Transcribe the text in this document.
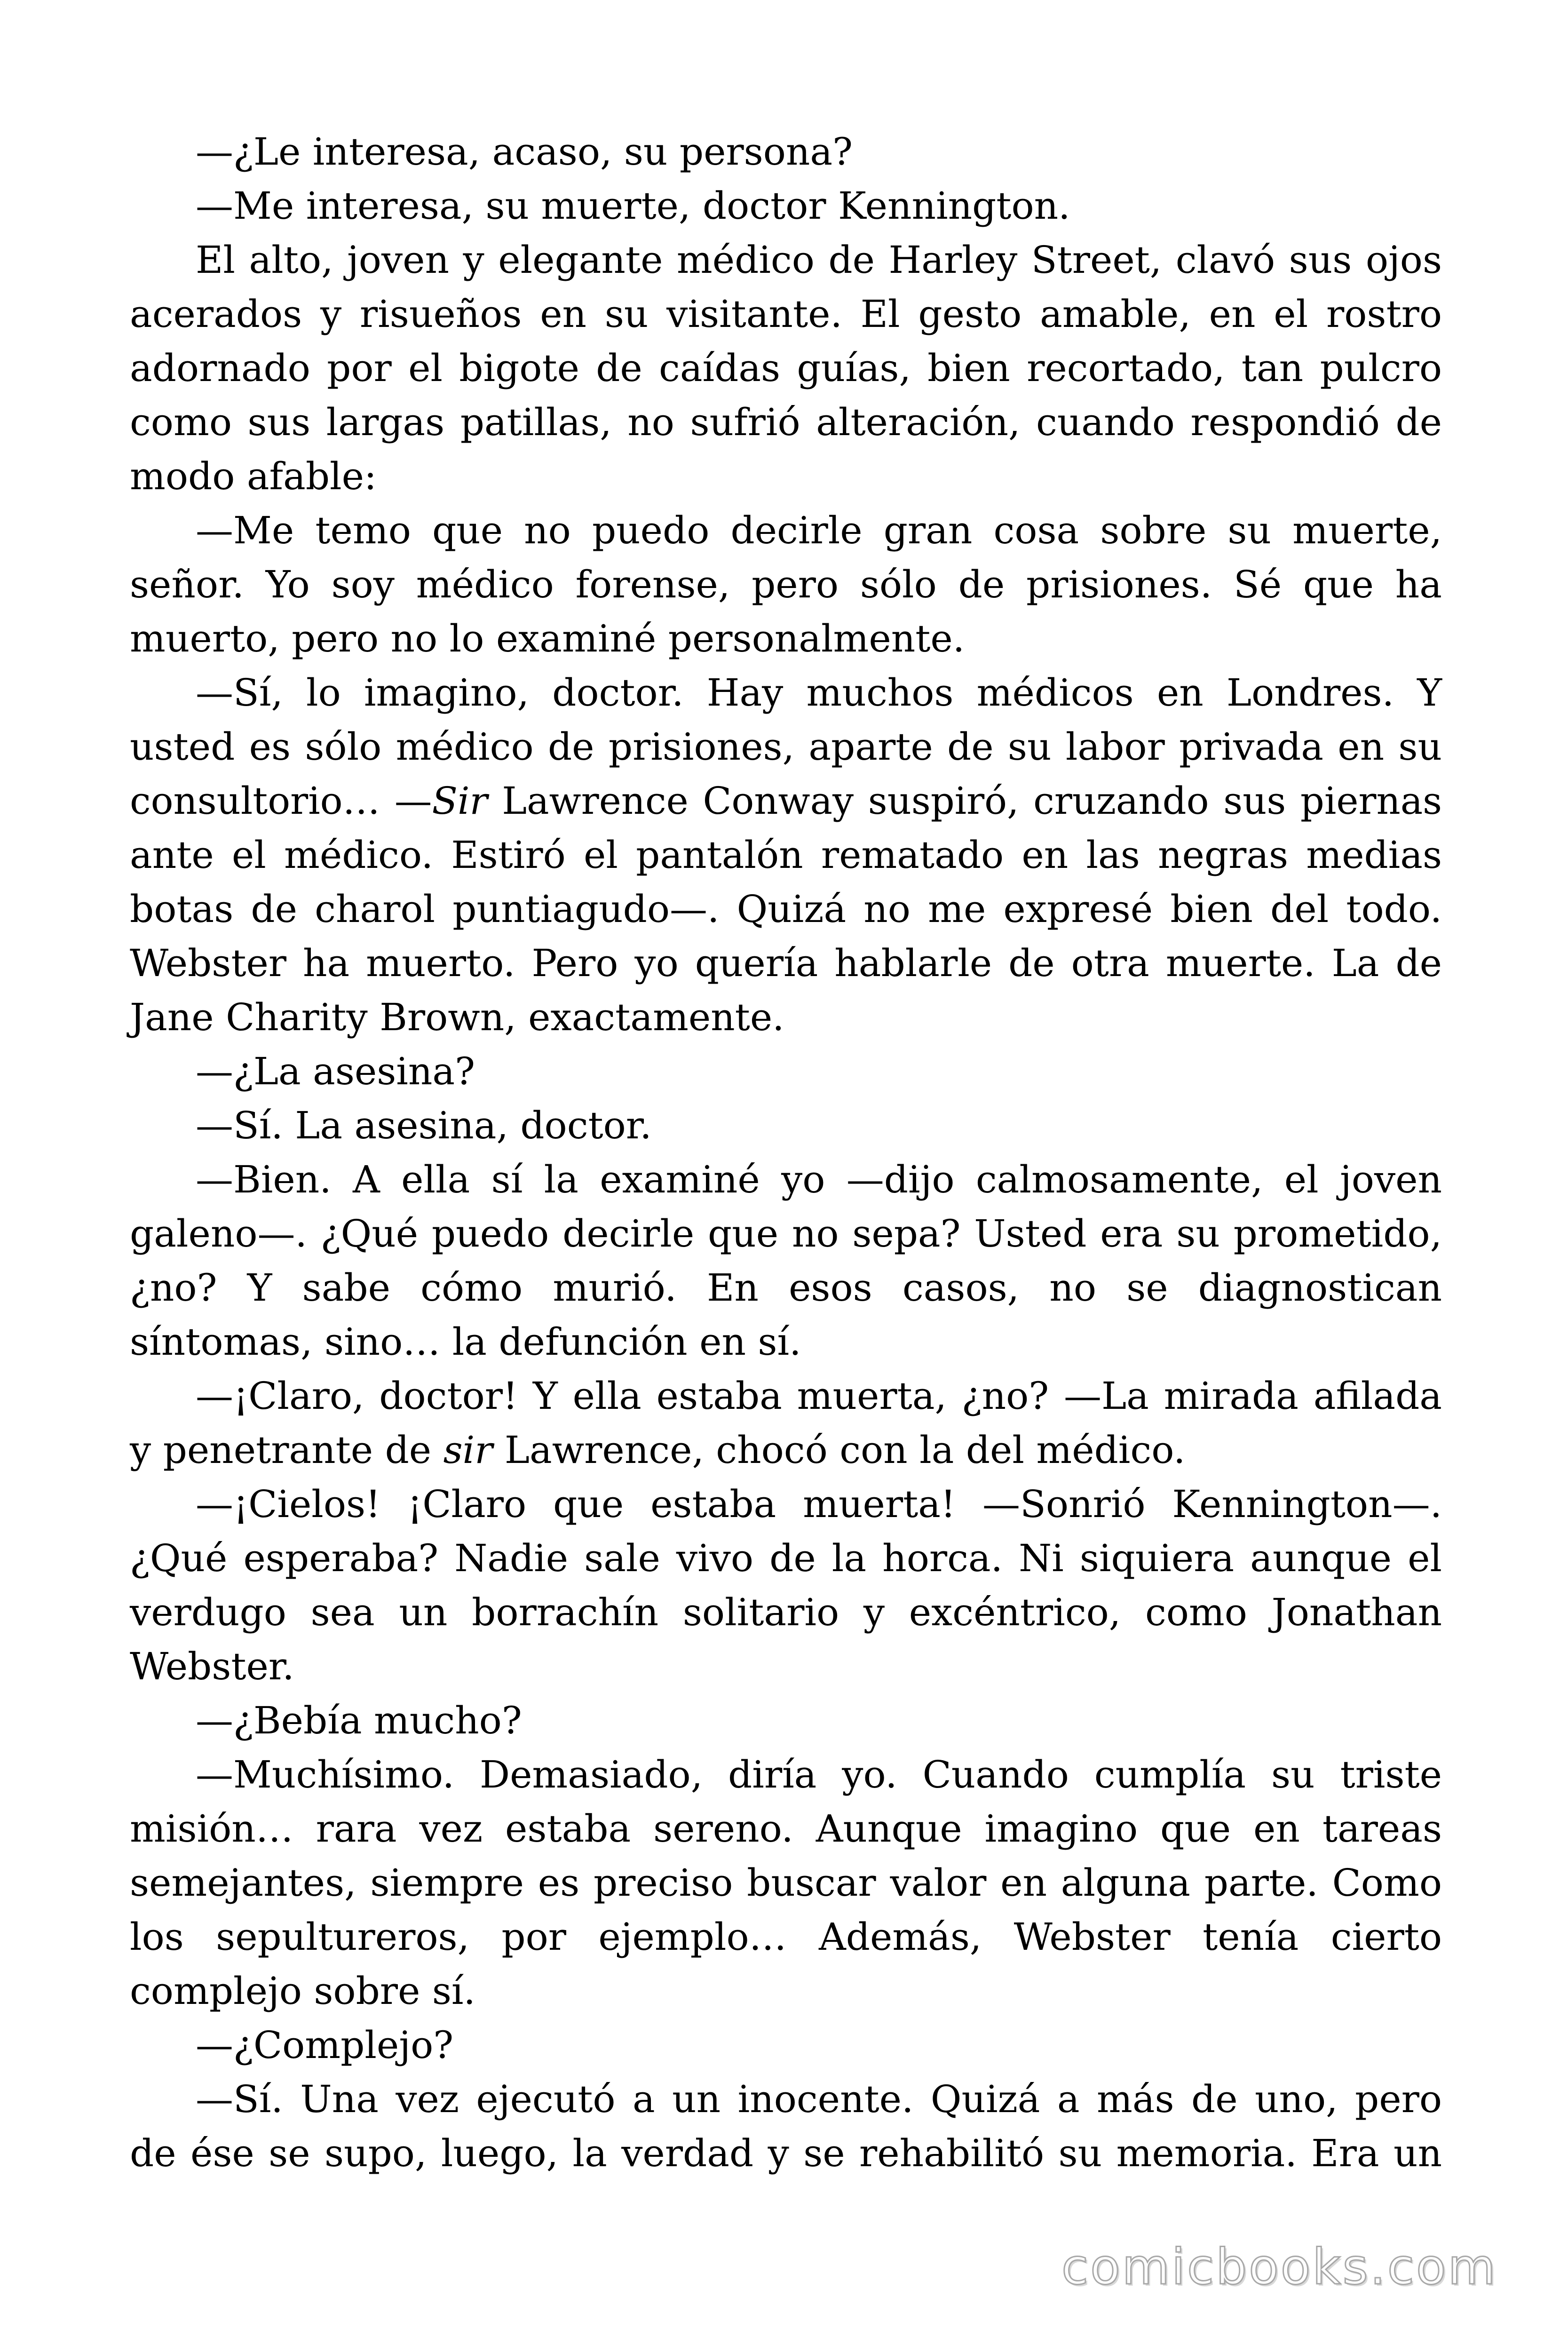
—¿Le interesa, acaso, su persona?
—Me interesa, su muerte, doctor Kennington.
El alto, joven y elegante médico de Harley Street, clavó sus ojos
acerados y risueños en su visitante. El gesto amable, en el rostro
adornado por el bigote de caídas guías, bien recortado, tan pulcro
como sus largas patillas, no sufrió alteración, cuando respondió de
modo afable:
—Me temo que no puedo decirle gran cosa sobre su muerte,
señor. Yo soy médico forense, pero sólo de prisiones. Sé que ha
muerto, pero no lo examiné personalmente.
—Sí, lo imagino, doctor. Hay muchos médicos en Londres. Y
usted es sólo médico de prisiones, aparte de su labor privada en su
consultorio… —Sir Lawrence Conway suspiró, cruzando sus piernas
ante el médico. Estiró el pantalón rematado en las negras medias
botas de charol puntiagudo—. Quizá no me expresé bien del todo.
Webster ha muerto. Pero yo quería hablarle de otra muerte. La de
Jane Charity Brown, exactamente.
—¿La asesina?
—Sí. La asesina, doctor.
—Bien. A ella sí la examiné yo —dijo calmosamente, el joven
galeno—. ¿Qué puedo decirle que no sepa? Usted era su prometido,
¿no? Y sabe cómo murió. En esos casos, no se diagnostican
síntomas, sino… la defunción en sí.
—¡Claro, doctor! Y ella estaba muerta, ¿no? —La mirada afilada
y penetrante de sir Lawrence, chocó con la del médico.
—¡Cielos! ¡Claro que estaba muerta! —Sonrió Kennington—.
¿Qué esperaba? Nadie sale vivo de la horca. Ni siquiera aunque el
verdugo sea un borrachín solitario y excéntrico, como Jonathan
Webster.
—¿Bebía mucho?
—Muchísimo. Demasiado, diría yo. Cuando cumplía su triste
misión… rara vez estaba sereno. Aunque imagino que en tareas
semejantes, siempre es preciso buscar valor en alguna parte. Como
los sepultureros, por ejemplo… Además, Webster tenía cierto
complejo sobre sí.
—¿Complejo?
—Sí. Una vez ejecutó a un inocente. Quizá a más de uno, pero
de ése se supo, luego, la verdad y se rehabilitó su memoria. Era un
comicbooks.com
